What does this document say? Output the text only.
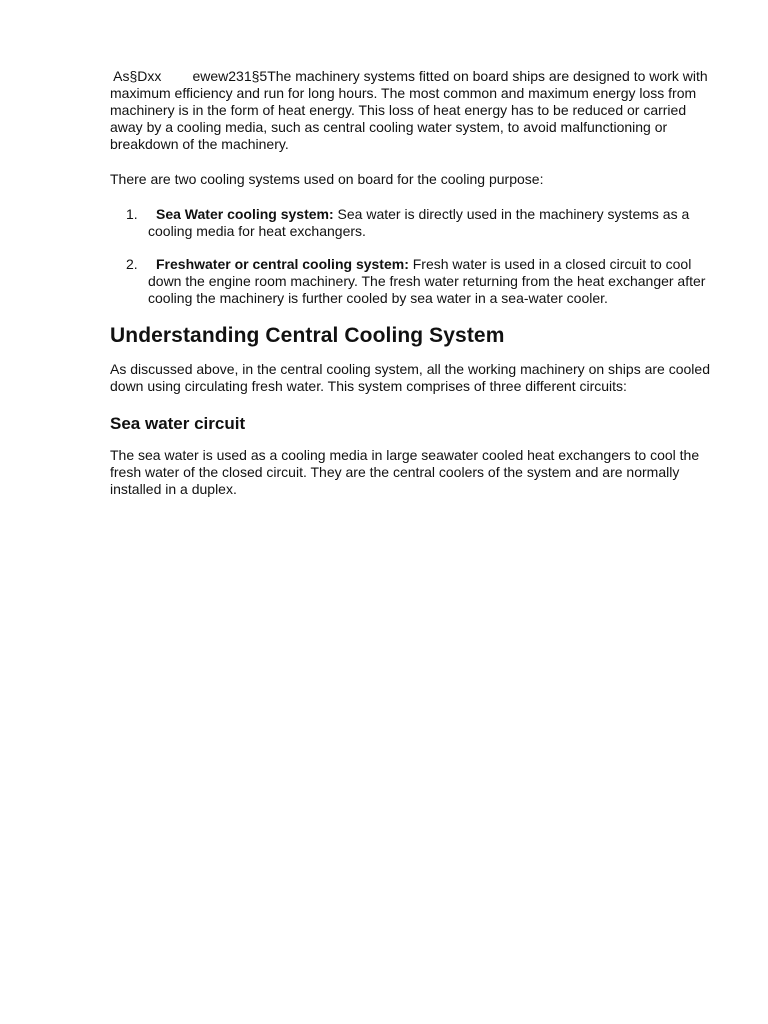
As§Dxx        ewew231§5The machinery systems fitted on board ships are designed to work with maximum efficiency and run for long hours. The most common and maximum energy loss from machinery is in the form of heat energy. This loss of heat energy has to be reduced or carried away by a cooling media, such as central cooling water system, to avoid malfunctioning or breakdown of the machinery.

There are two cooling systems used on board for the cooling purpose:

1. Sea Water cooling system: Sea water is directly used in the machinery systems as a cooling media for heat exchangers.
2. Freshwater or central cooling system: Fresh water is used in a closed circuit to cool down the engine room machinery. The fresh water returning from the heat exchanger after cooling the machinery is further cooled by sea water in a sea-water cooler.
Understanding Central Cooling System

As discussed above, in the central cooling system, all the working machinery on ships are cooled down using circulating fresh water. This system comprises of three different circuits:

Sea water circuit

The sea water is used as a cooling media in large seawater cooled heat exchangers to cool the fresh water of the closed circuit. They are the central coolers of the system and are normally installed in a duplex.
